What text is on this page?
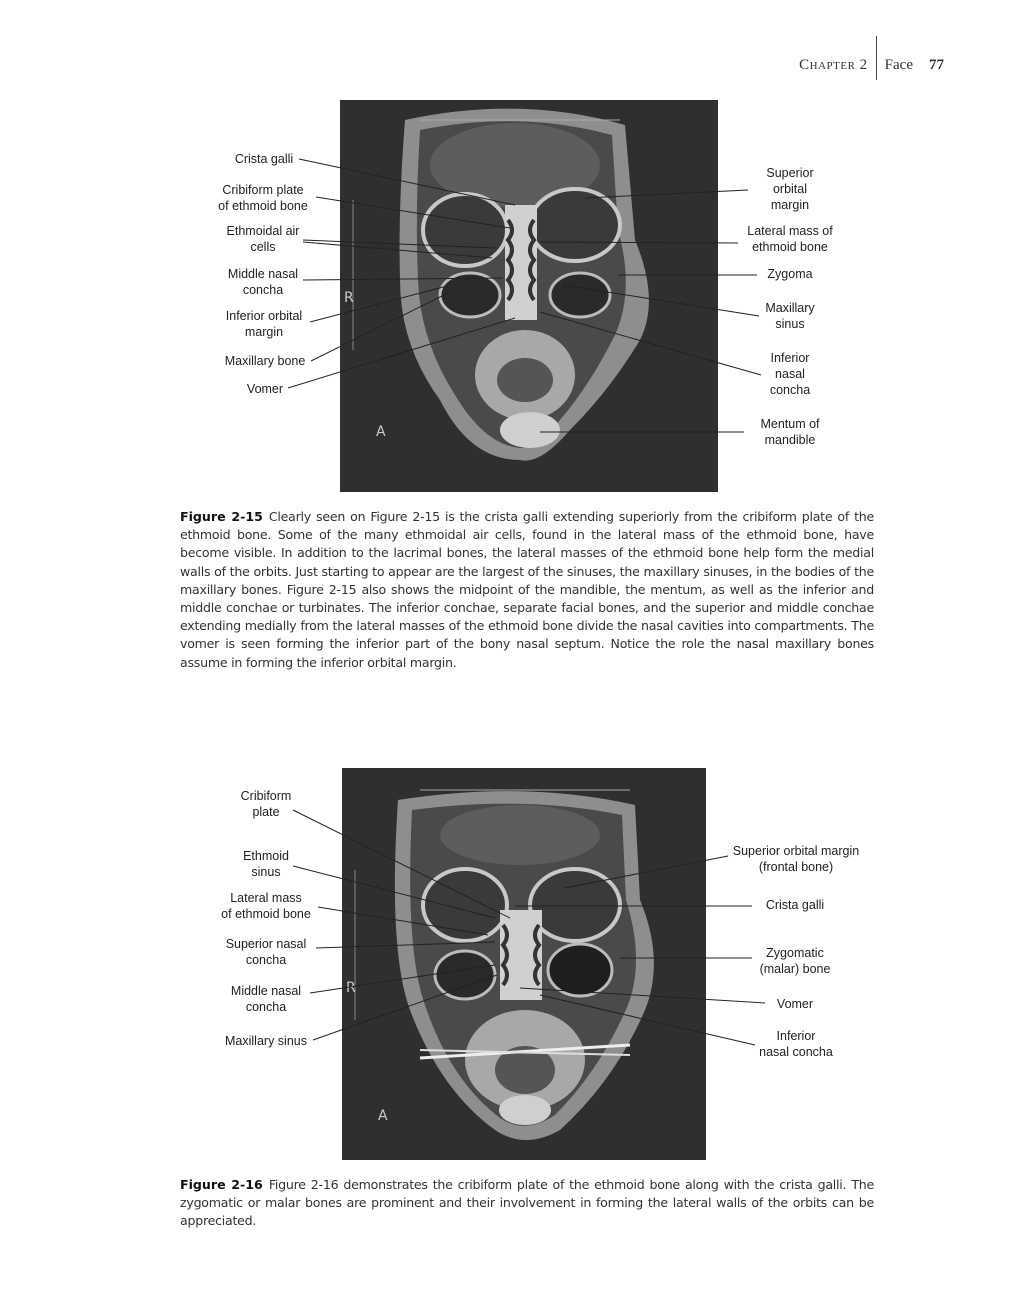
Chapter 2	Face	77
R
A
Crista galli
Cribiform plate
of ethmoid bone
Ethmoidal air
cells
Middle nasal
concha
Inferior orbital
margin
Maxillary bone
Vomer
Superior
orbital
margin
Lateral mass of
ethmoid bone
Zygoma
Maxillary
sinus
Inferior
nasal
concha
Mentum of
mandible
Figure 2-15 Clearly seen on Figure 2-15 is the crista galli extending superiorly from the cribiform plate of the ethmoid bone. Some of the many ethmoidal air cells, found in the lateral mass of the ethmoid bone, have become visible. In addition to the lacrimal bones, the lateral masses of the ethmoid bone help form the medial walls of the orbits. Just starting to appear are the largest of the sinuses, the maxillary sinuses, in the bodies of the maxillary bones. Figure 2-15 also shows the midpoint of the mandible, the mentum, as well as the inferior and middle conchae or turbinates. The inferior conchae, separate facial bones, and the superior and middle conchae extending medially from the lateral masses of the ethmoid bone divide the nasal cavities into compartments. The vomer is seen forming the inferior part of the bony nasal septum. Notice the role the nasal maxillary bones assume in forming the inferior orbital margin.
R
A
Cribiform
plate
Ethmoid
sinus
Lateral mass
of ethmoid bone
Superior nasal
concha
Middle nasal
concha
Maxillary sinus
Superior orbital margin
(frontal bone)
Crista galli
Zygomatic
(malar) bone
Vomer
Inferior
nasal concha
Figure 2-16 Figure 2-16 demonstrates the cribiform plate of the ethmoid bone along with the crista galli. The zygomatic or malar bones are prominent and their involvement in forming the lateral walls of the orbits can be appreciated.
